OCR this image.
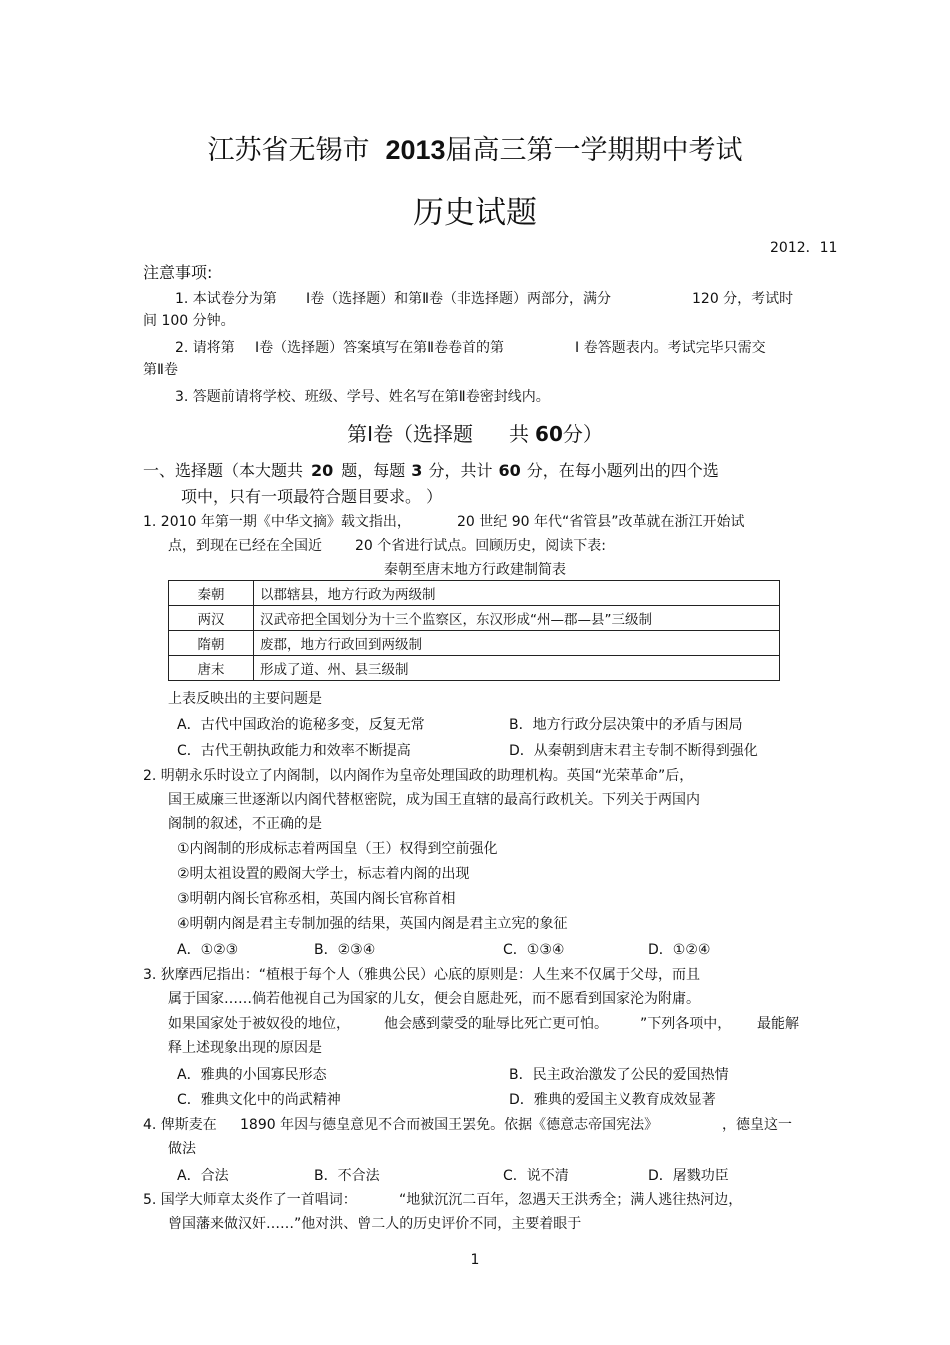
江苏省无锡市 2013届高三第一学期期中考试
历史试题
2012．11
注意事项:
1. 本试卷分为第 Ⅰ卷（选择题）和第Ⅱ卷（非选择题）两部分，满分	120 分，考试时
间 100 分钟。
2. 请将第 Ⅰ卷（选择题）答案填写在第Ⅱ卷卷首的第	Ⅰ 卷答题表内。考试完毕只需交
第Ⅱ卷
3. 答题前请将学校、班级、学号、姓名写在第Ⅱ卷密封线内。
第Ⅰ卷（选择题 共 60分）
一、选择题（本大题共 20 题，每题 3 分，共计 60 分，在每小题列出的四个选
项中，只有一项最符合题目要求。 ）
1. 2010 年第一期《中华文摘》载文指出，	20 世纪 90 年代“省管县”改革就在浙江开始试
点，到现在已经在全国近 20 个省进行试点。回顾历史，阅读下表:
秦朝至唐末地方行政建制简表
秦朝	以郡辖县，地方行政为两级制
两汉	汉武帝把全国划分为十三个监察区，东汉形成“州—郡—县”三级制
隋朝	废郡，地方行政回到两级制
唐末	形成了道、州、县三级制
上表反映出的主要问题是
A．古代中国政治的诡秘多变，反复无常	B．地方行政分层决策中的矛盾与困局
C．古代王朝执政能力和效率不断提高	D．从秦朝到唐末君主专制不断得到强化
2. 明朝永乐时设立了内阁制，以内阁作为皇帝处理国政的助理机构。英国“光荣革命”后，
国王威廉三世逐渐以内阁代替枢密院，成为国王直辖的最高行政机关。下列关于两国内
阁制的叙述，不正确的是
①内阁制的形成标志着两国皇（王）权得到空前强化
②明太祖设置的殿阁大学士，标志着内阁的出现
③明朝内阁长官称丞相，英国内阁长官称首相
④明朝内阁是君主专制加强的结果，英国内阁是君主立宪的象征
A．①②③	B．②③④	C．①③④	D．①②④
3. 狄摩西尼指出：“植根于每个人（雅典公民）心底的原则是：人生来不仅属于父母，而且
属于国家……倘若他视自己为国家的儿女，便会自愿赴死，而不愿看到国家沦为附庸。
如果国家处于被奴役的地位， 他会感到蒙受的耻辱比死亡更可怕。 ”下列各项中， 最能解
释上述现象出现的原因是
A．雅典的小国寡民形态	B．民主政治激发了公民的爱国热情
C．雅典文化中的尚武精神	D．雅典的爱国主义教育成效显著
4. 俾斯麦在 1890 年因与德皇意见不合而被国王罢免。依据《德意志帝国宪法》	，德皇这一
做法
A．合法	B．不合法	C．说不清	D．屠戮功臣
5. 国学大师章太炎作了一首唱词：	“地狱沉沉二百年，忽遇天王洪秀全；满人逃往热河边，
曾国藩来做汉奸……”他对洪、曾二人的历史评价不同，主要着眼于
1
